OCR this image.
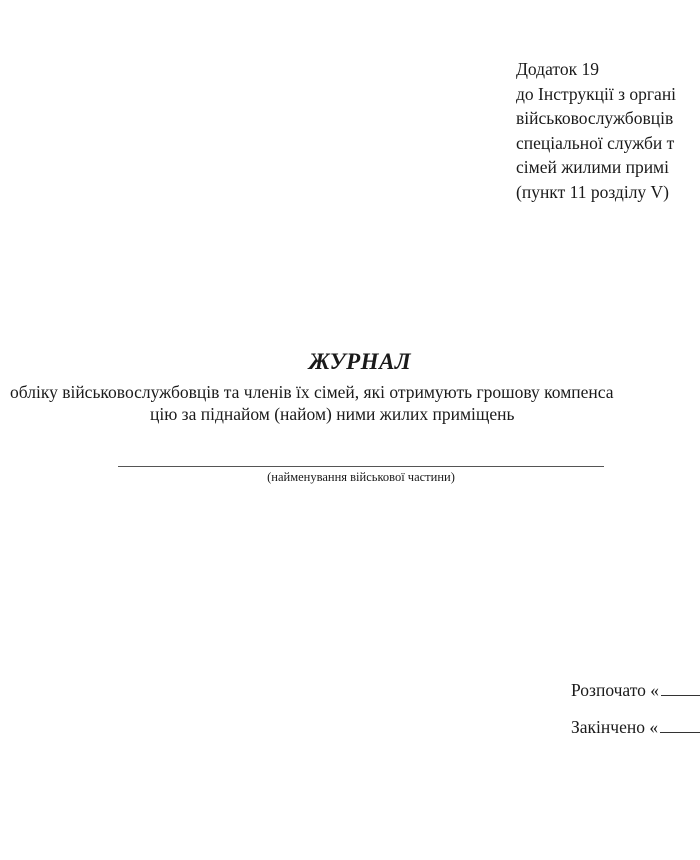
Додаток 19
до Інструкції з органі
військовослужбовців
спеціальної служби т
сімей жилими примі
(пункт 11 розділу V)
ЖУРНАЛ
обліку військовослужбовців та членів їх сімей, які отримують грошову компенса
цію за піднайом (найом) ними жилих приміщень
(найменування військової частини)
Розпочато «
Закінчено «
